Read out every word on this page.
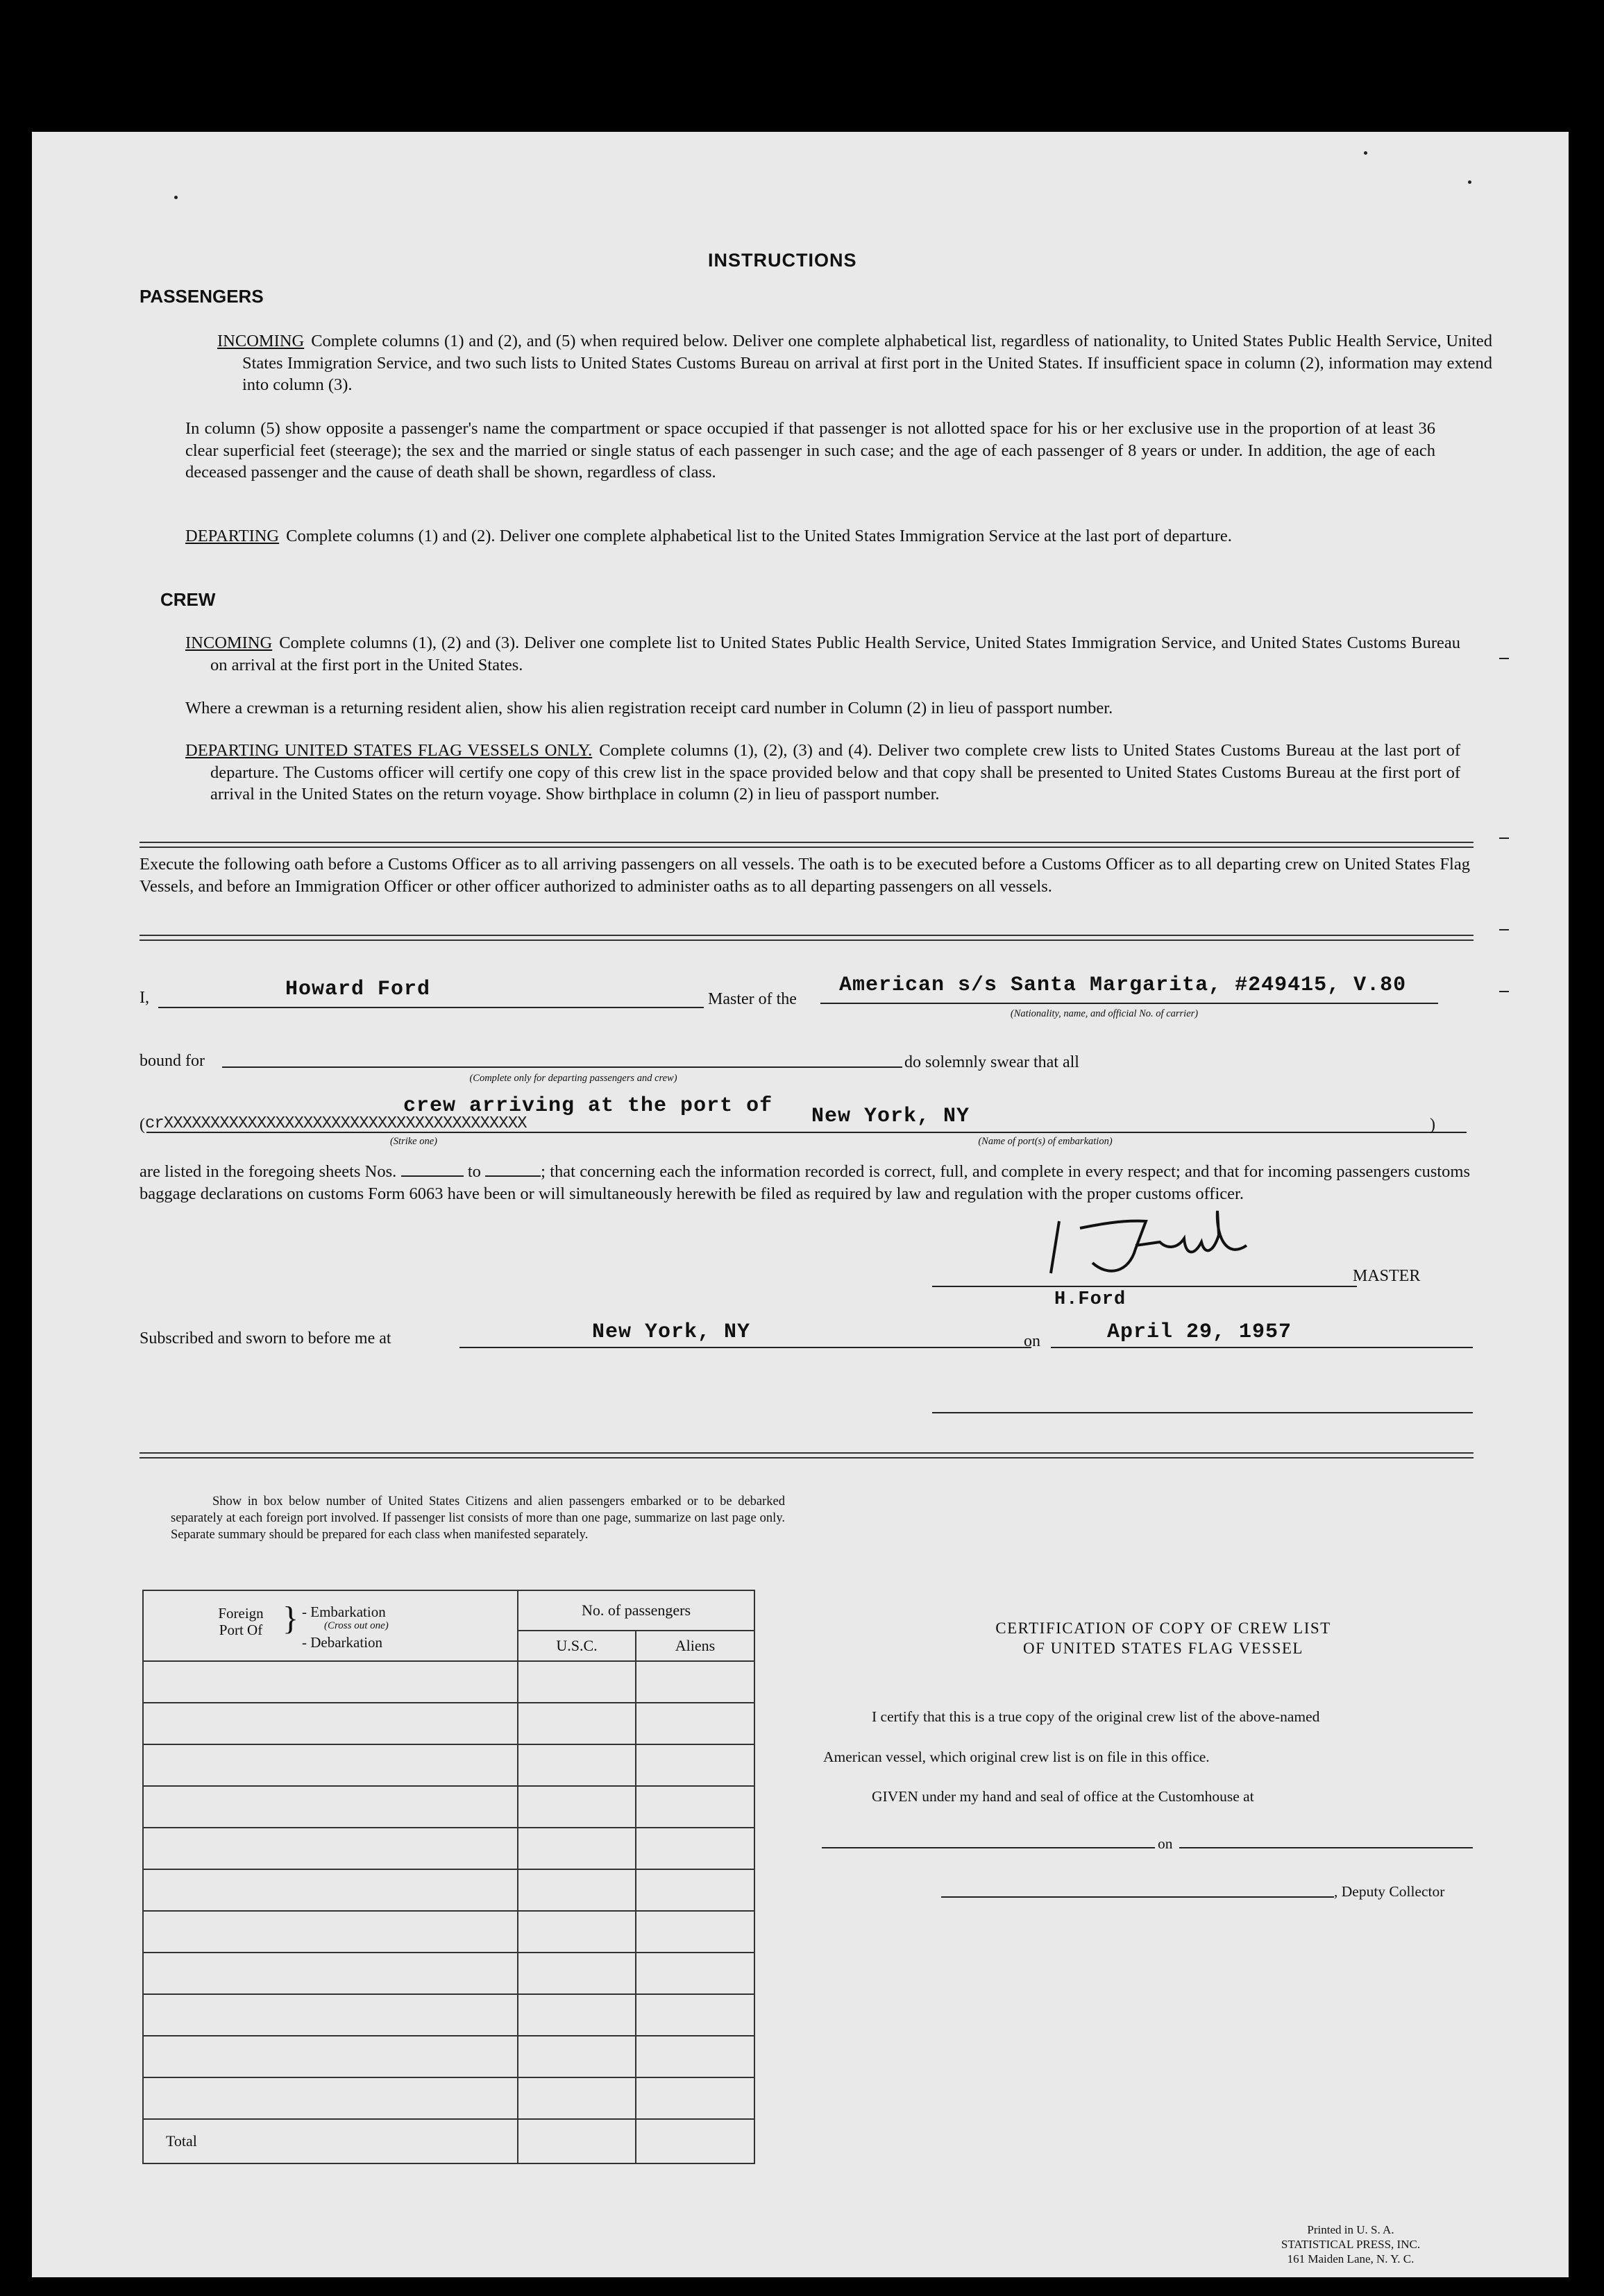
INSTRUCTIONS
PASSENGERS
INCOMING Complete columns (1) and (2), and (5) when required below. Deliver one complete alphabetical list, regardless of nationality, to United States Public Health Service, United States Immigration Service, and two such lists to United States Customs Bureau on arrival at first port in the United States. If insufficient space in column (2), information may extend into column (3).
In column (5) show opposite a passenger's name the compartment or space occupied if that passenger is not allotted space for his or her exclusive use in the proportion of at least 36 clear superficial feet (steerage); the sex and the married or single status of each passenger in such case; and the age of each passenger of 8 years or under. In addition, the age of each deceased passenger and the cause of death shall be shown, regardless of class.
DEPARTING Complete columns (1) and (2). Deliver one complete alphabetical list to the United States Immigration Service at the last port of departure.
CREW
INCOMING Complete columns (1), (2) and (3). Deliver one complete list to United States Public Health Service, United States Immigration Service, and United States Customs Bureau on arrival at the first port in the United States.
Where a crewman is a returning resident alien, show his alien registration receipt card number in Column (2) in lieu of passport number.
DEPARTING UNITED STATES FLAG VESSELS ONLY. Complete columns (1), (2), (3) and (4). Deliver two complete crew lists to United States Customs Bureau at the last port of departure. The Customs officer will certify one copy of this crew list in the space provided below and that copy shall be presented to United States Customs Bureau at the first port of arrival in the United States on the return voyage. Show birthplace in column (2) in lieu of passport number.
Execute the following oath before a Customs Officer as to all arriving passengers on all vessels. The oath is to be executed before a Customs Officer as to all departing crew on United States Flag Vessels, and before an Immigration Officer or other officer authorized to administer oaths as to all departing passengers on all vessels.
I,	Howard Ford	Master of the
American s/s Santa Margarita, #249415, V.80
(Nationality, name, and official No. of carrier)
bound for
(Complete only for departing passengers and crew)
do solemnly swear that all
crew arriving at the port of
( crXXXXXXXXXXXXXXXXXXXXXXXXXXXXXXXXXXXXXXX
(Strike one)
New York, NY
(Name of port(s) of embarkation)
)
are listed in the foregoing sheets Nos.	to	; that concerning each the information recorded is correct, full, and complete in every respect; and that for incoming passengers customs baggage declarations on customs Form 6063 have been or will simultaneously herewith be filed as required by law and regulation with the proper customs officer.
MASTER
H.Ford
Subscribed and sworn to before me at	New York, NY	on	April 29, 1957
Show in box below number of United States Citizens and alien passengers embarked or to be debarked separately at each foreign port involved. If passenger list consists of more than one page, summarize on last page only. Separate summary should be prepared for each class when manifested separately.
Foreign Port Of } - Embarkation
(Cross out one)
- Debarkation	No. of passengers	
	U.S.C.	Aliens

Total		
CERTIFICATION OF COPY OF CREW LIST
OF UNITED STATES FLAG VESSEL
I certify that this is a true copy of the original crew list of the above-named
American vessel, which original crew list is on file in this office.
GIVEN under my hand and seal of office at the Customhouse at
on
, Deputy Collector
Printed in U. S. A.
STATISTICAL PRESS, INC.
161 Maiden Lane, N. Y. C.
